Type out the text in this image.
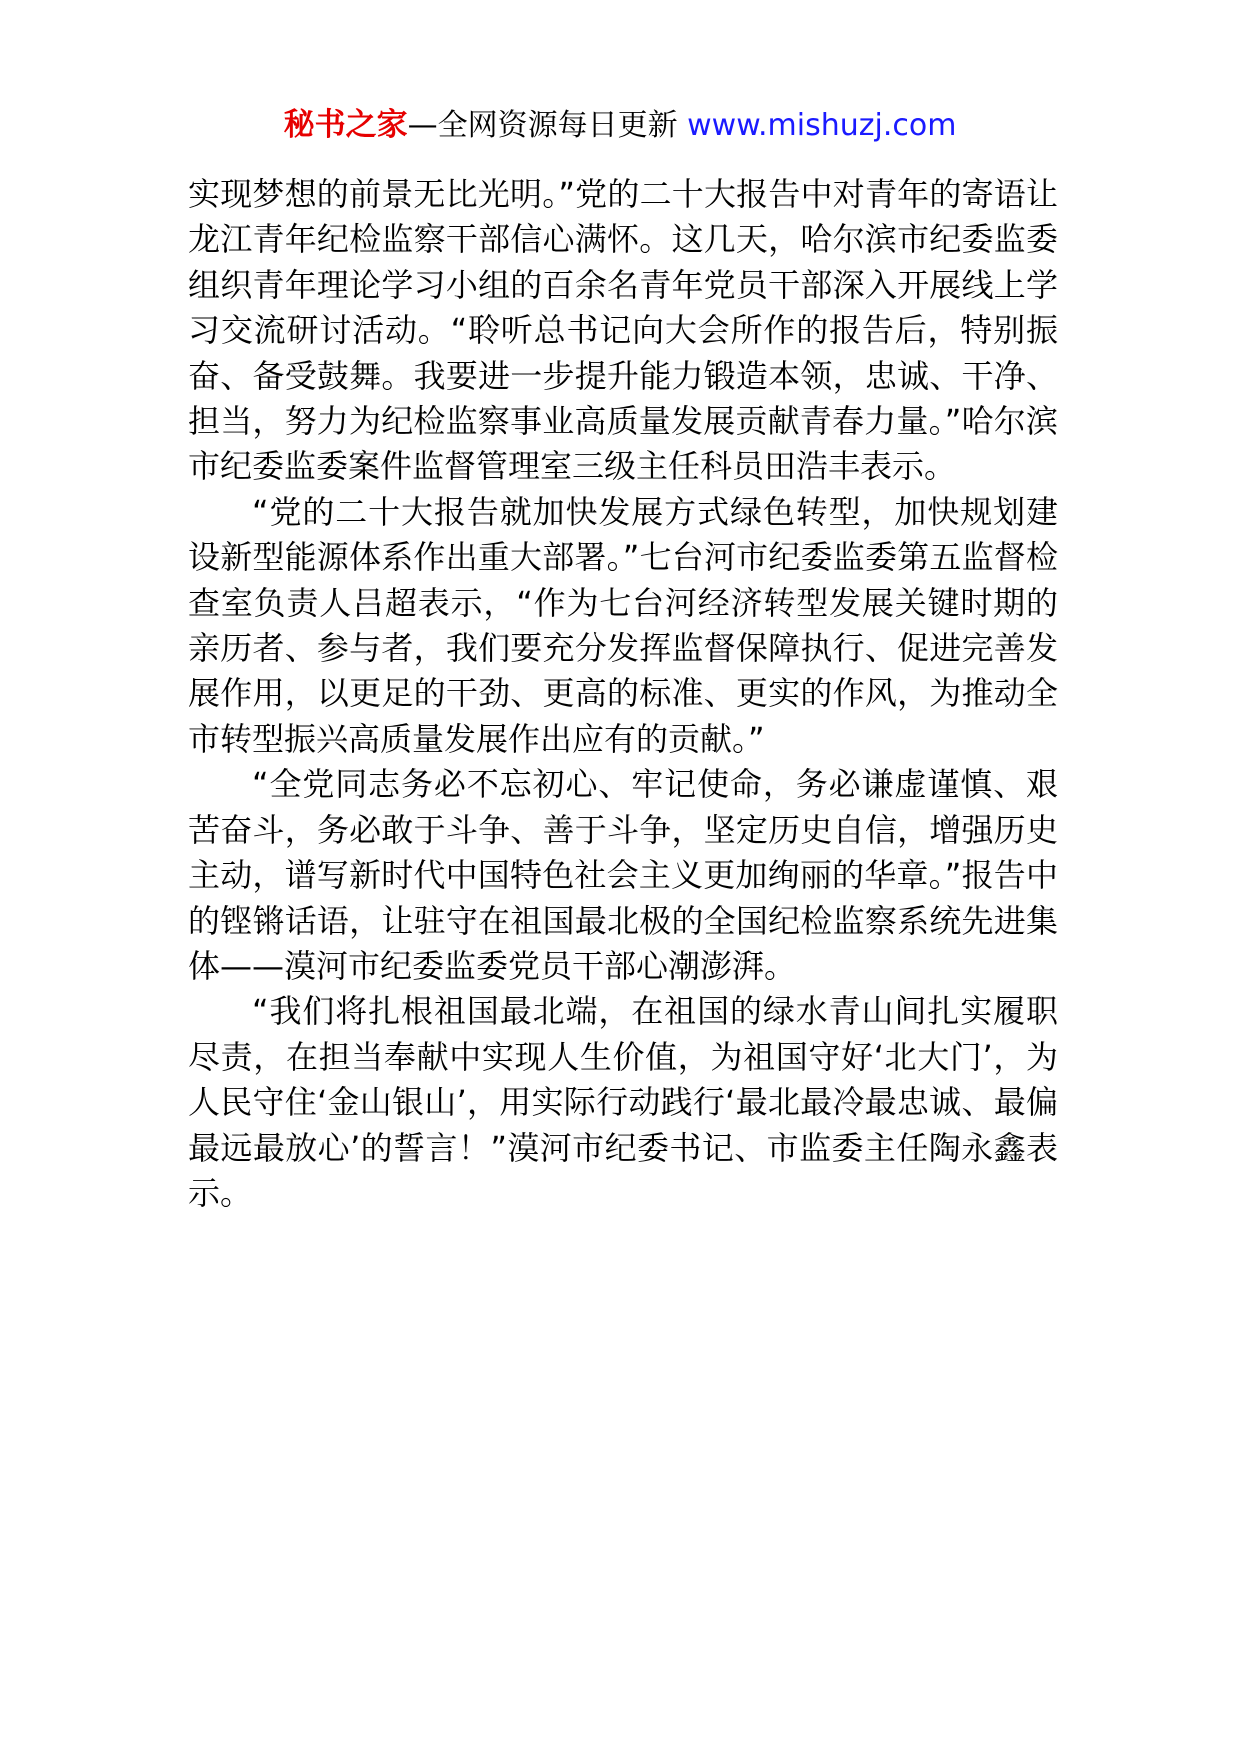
秘书之家—全网资源每日更新 www.mishuzj.com

实现梦想的前景无比光明。”党的二十大报告中对青年的寄语让龙江青年纪检监察干部信心满怀。这几天，哈尔滨市纪委监委组织青年理论学习小组的百余名青年党员干部深入开展线上学习交流研讨活动。“聆听总书记向大会所作的报告后，特别振奋、备受鼓舞。我要进一步提升能力锻造本领，忠诚、干净、担当，努力为纪检监察事业高质量发展贡献青春力量。”哈尔滨市纪委监委案件监督管理室三级主任科员田浩丰表示。

“党的二十大报告就加快发展方式绿色转型，加快规划建设新型能源体系作出重大部署。”七台河市纪委监委第五监督检查室负责人吕超表示，“作为七台河经济转型发展关键时期的亲历者、参与者，我们要充分发挥监督保障执行、促进完善发展作用，以更足的干劲、更高的标准、更实的作风，为推动全市转型振兴高质量发展作出应有的贡献。”

“全党同志务必不忘初心、牢记使命，务必谦虚谨慎、艰苦奋斗，务必敢于斗争、善于斗争，坚定历史自信，增强历史主动，谱写新时代中国特色社会主义更加绚丽的华章。”报告中的铿锵话语，让驻守在祖国最北极的全国纪检监察系统先进集体——漠河市纪委监委党员干部心潮澎湃。

“我们将扎根祖国最北端，在祖国的绿水青山间扎实履职尽责，在担当奉献中实现人生价值，为祖国守好‘北大门’，为人民守住‘金山银山’，用实际行动践行‘最北最冷最忠诚、最偏最远最放心’的誓言！”漠河市纪委书记、市监委主任陶永鑫表示。
